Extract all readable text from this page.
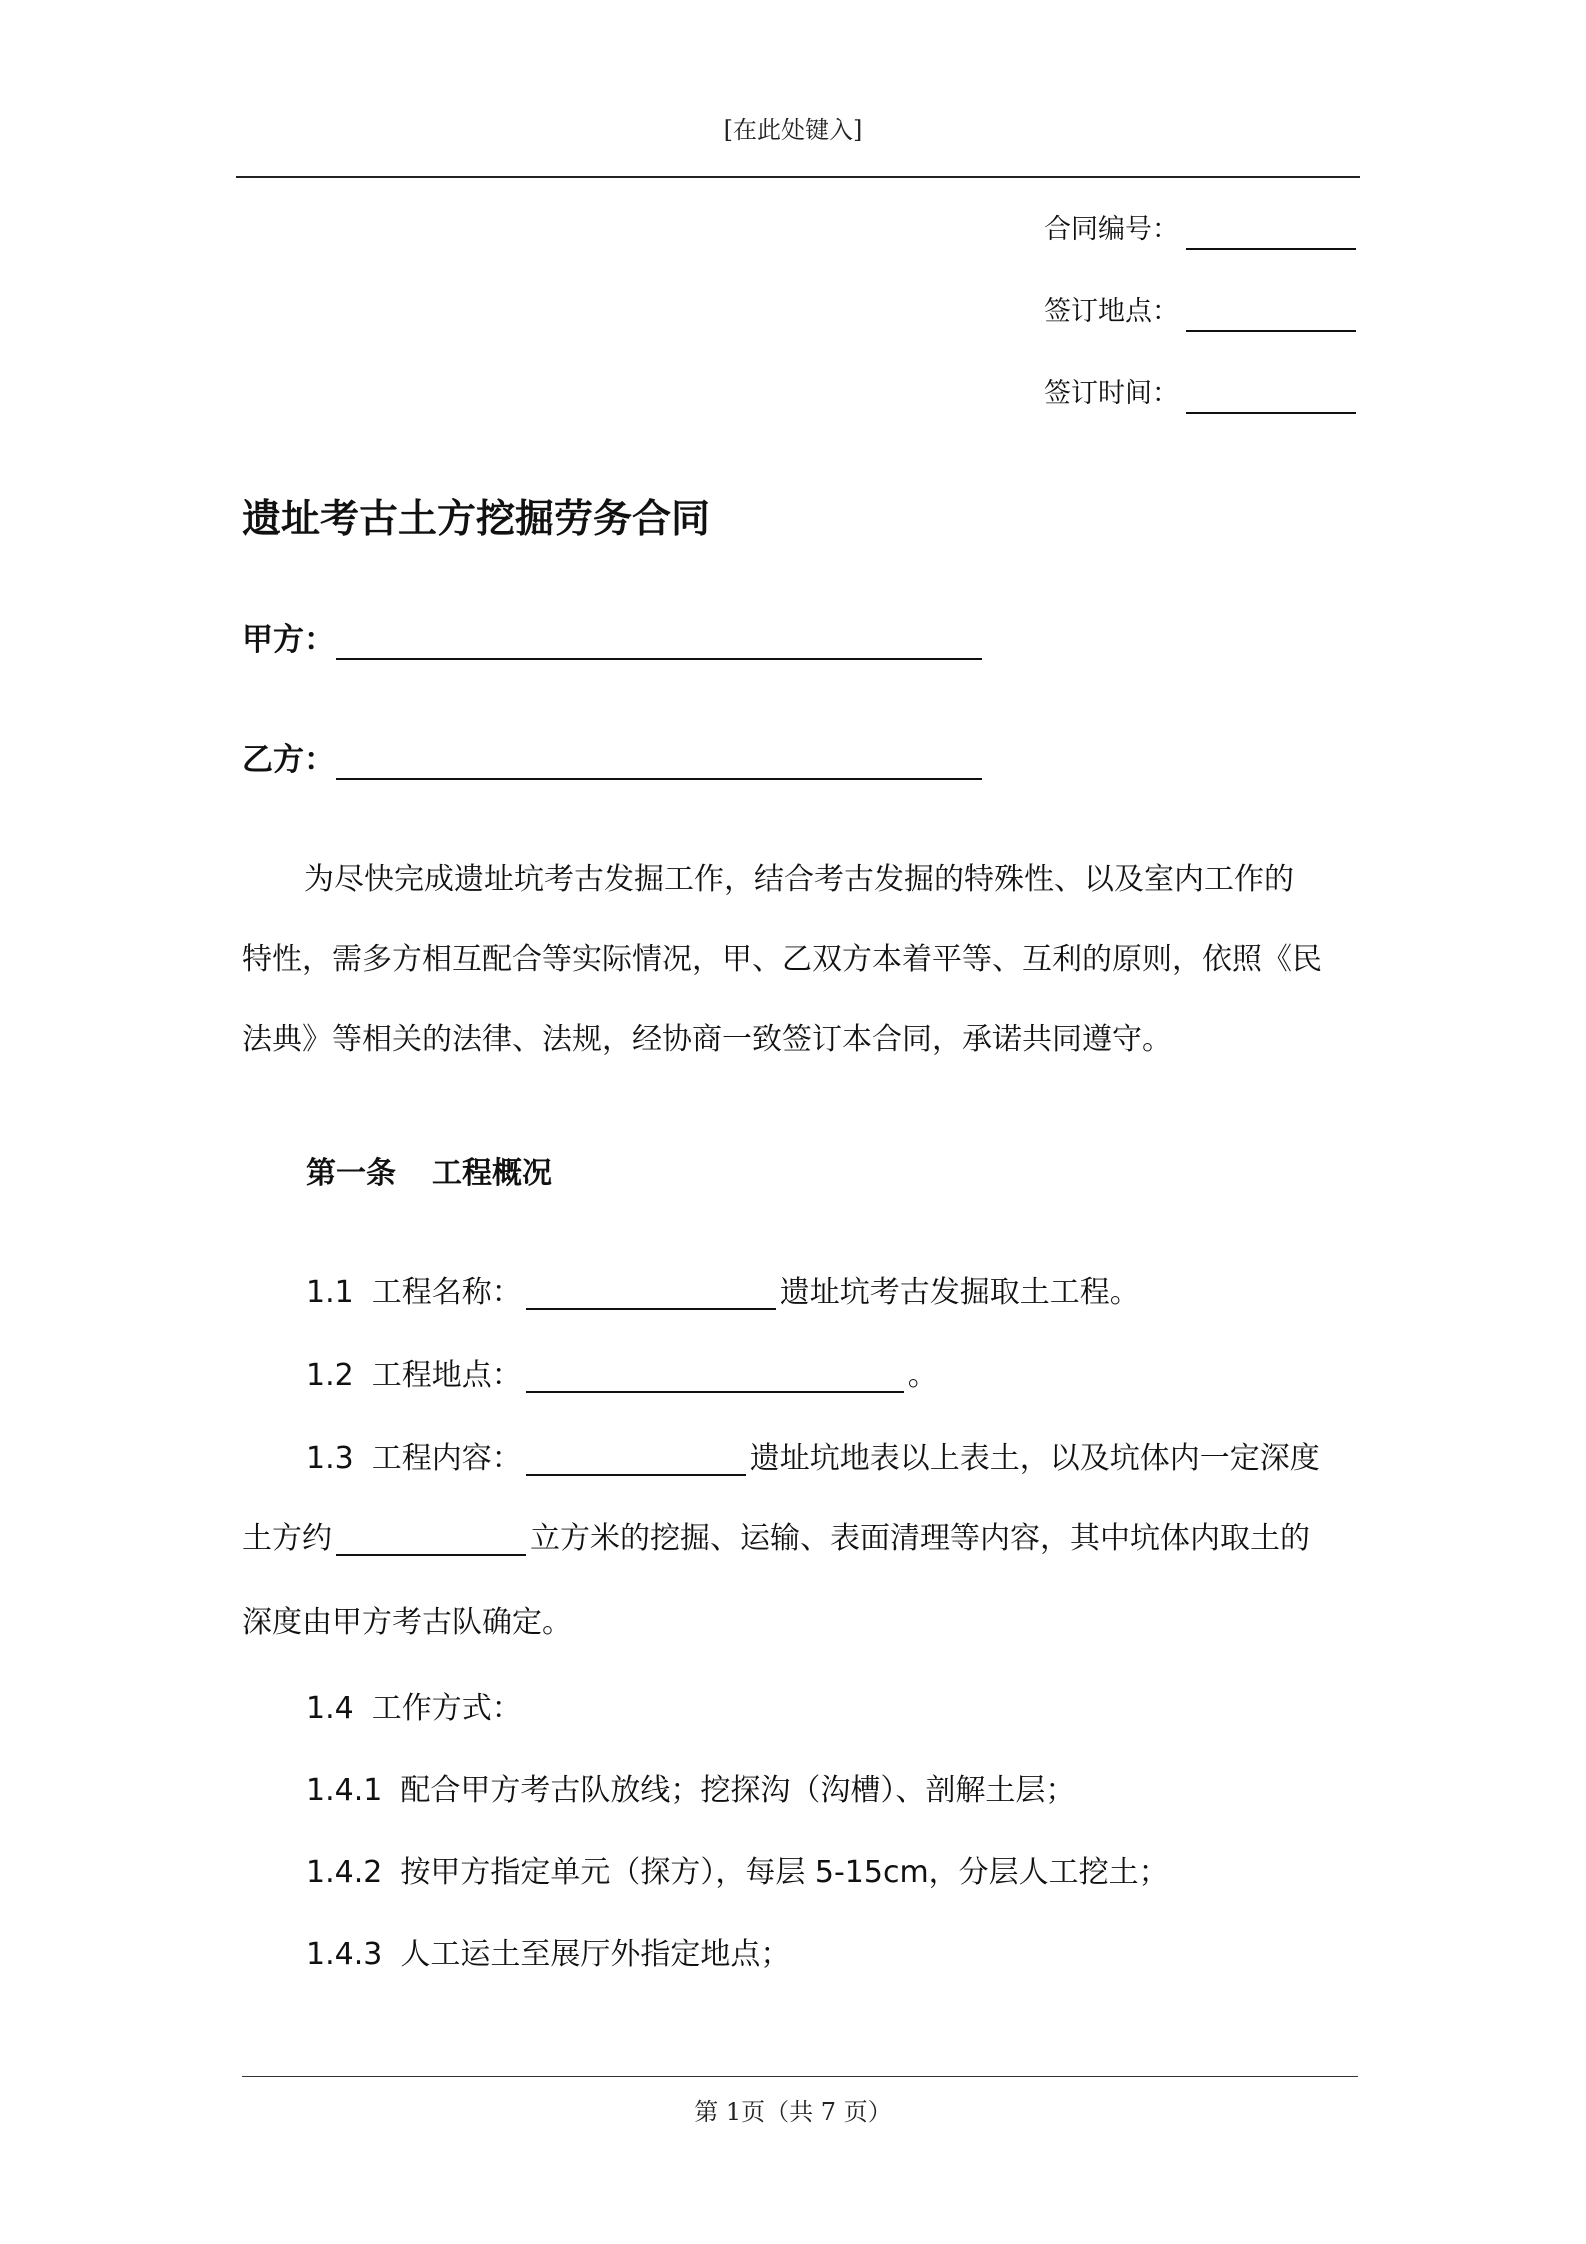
[在此处键入]
合同编号：
签订地点：
签订时间：
遗址考古土方挖掘劳务合同
甲方：
乙方：
为尽快完成遗址坑考古发掘工作，结合考古发掘的特殊性、以及室内工作的
特性，需多方相互配合等实际情况，甲、乙双方本着平等、互利的原则，依照《民
法典》等相关的法律、法规，经协商一致签订本合同，承诺共同遵守。
第一条 工程概况
1.1 工程名称：	遗址坑考古发掘取土工程。
1.2 工程地点：	。
1.3 工程内容：	遗址坑地表以上表土，以及坑体内一定深度
土方约	立方米的挖掘、运输、表面清理等内容，其中坑体内取土的
深度由甲方考古队确定。
1.4 工作方式：
1.4.1 配合甲方考古队放线；挖探沟（沟槽）、剖解土层；
1.4.2 按甲方指定单元（探方），每层 5-15cm，分层人工挖土；
1.4.3 人工运土至展厅外指定地点；
第 1页（共 7 页）
